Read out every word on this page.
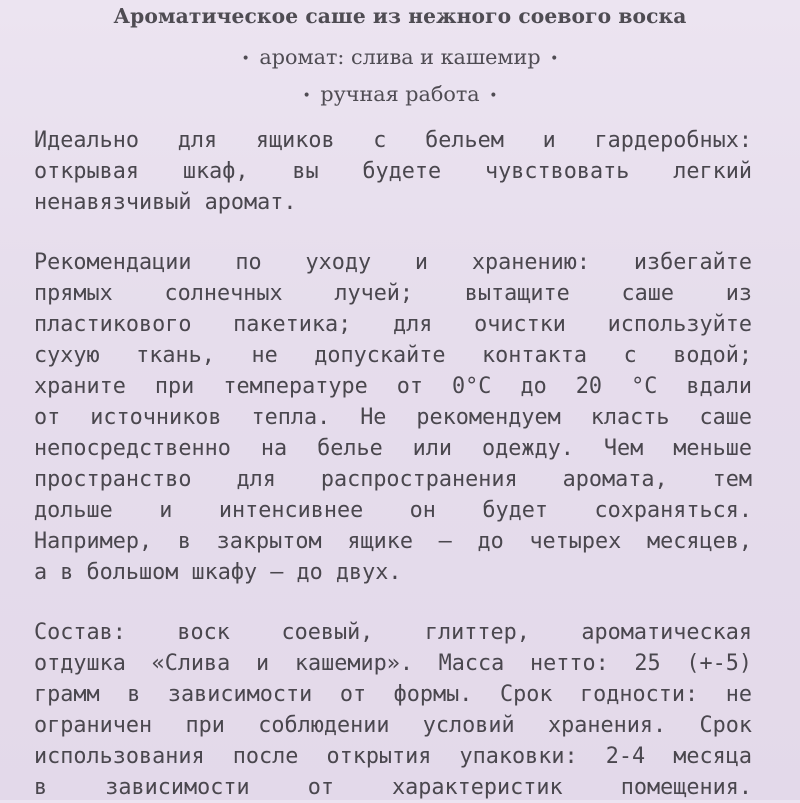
Ароматическое саше из нежного соевого воска
• аромат: слива и кашемир •
• ручная работа •
Идеально для ящиков с бельем и гардеробных:
открывая шкаф, вы будете чувствовать легкий
ненавязчивый аромат.
Рекомендации по уходу и хранению: избегайте
прямых солнечных лучей; вытащите саше из
пластикового пакетика; для очистки используйте
сухую ткань, не допускайте контакта с водой;
храните при температуре от 0°C до 20 °C вдали
от источников тепла. Не рекомендуем класть саше
непосредственно на белье или одежду. Чем меньше
пространство для распространения аромата, тем
дольше и интенсивнее он будет сохраняться.
Например, в закрытом ящике — до четырех месяцев,
а в большом шкафу — до двух.
Состав: воск соевый, глиттер, ароматическая
отдушка «Слива и кашемир». Масса нетто: 25 (+-5)
грамм в зависимости от формы. Срок годности: не
ограничен при соблюдении условий хранения. Срок
использования после открытия упаковки: 2-4 месяца
в зависимости от характеристик помещения.
